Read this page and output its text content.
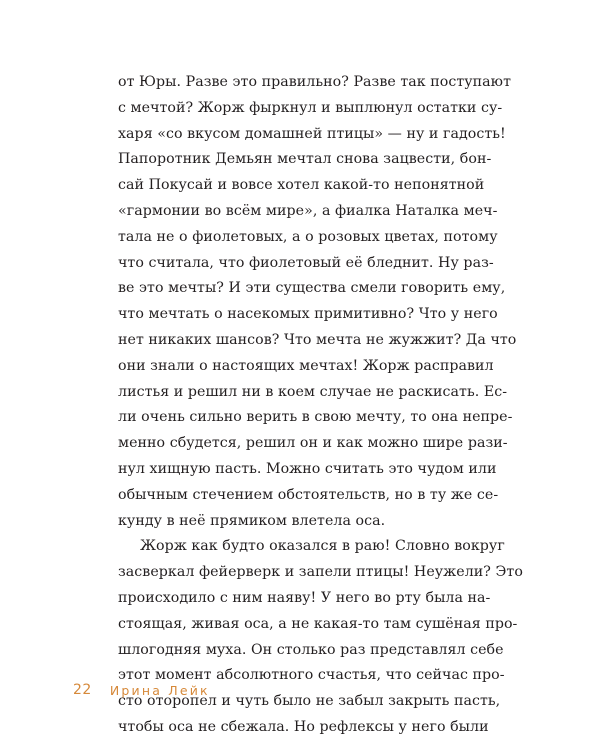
от Юры. Разве это правильно? Разве так поступают
с мечтой? Жорж фыркнул и выплюнул остатки су-
харя «со вкусом домашней птицы» — ну и гадость!
Папоротник Демьян мечтал снова зацвести, бон-
сай Покусай и вовсе хотел какой-то непонятной
«гармонии во всём мире», а фиалка Наталка меч-
тала не о фиолетовых, а о розовых цветах, потому
что считала, что фиолетовый её бледнит. Ну раз-
ве это мечты? И эти существа смели говорить ему,
что мечтать о насекомых примитивно? Что у него
нет никаких шансов? Что мечта не жужжит? Да что
они знали о настоящих мечтах! Жорж расправил
листья и решил ни в коем случае не раскисать. Ес-
ли очень сильно верить в свою мечту, то она непре-
менно сбудется, решил он и как можно шире рази-
нул хищную пасть. Можно считать это чудом или
обычным стечением обстоятельств, но в ту же се-
кунду в неё прямиком влетела оса.
Жорж как будто оказался в раю! Словно вокруг
засверкал фейерверк и запели птицы! Неужели? Это
происходило с ним наяву! У него во рту была на-
стоящая, живая оса, а не какая-то там сушёная про-
шлогодняя муха. Он столько раз представлял себе
этот момент абсолютного счастья, что сейчас про-
сто оторопел и чуть было не забыл закрыть пасть,
чтобы оса не сбежала. Но рефлексы у него были
22 Ирина Лейк
